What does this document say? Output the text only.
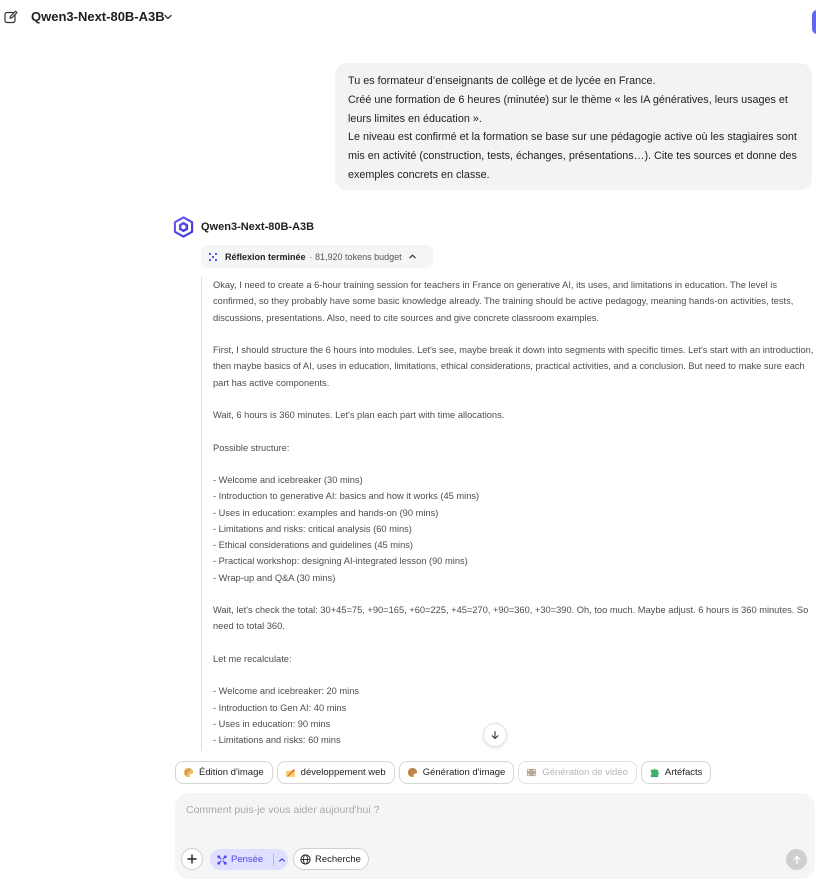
Qwen3-Next-80B-A3B

Tu es formateur d’enseignants de collège et de lycée en France.

Créé une formation de 6 heures (minutée) sur le thème « les IA génératives, leurs usages et leurs limites en éducation ».

Le niveau est confirmé et la formation se base sur une pédagogie active où les stagiaires sont mis en activité (construction, tests, échanges, présentations…). Cite tes sources et donne des exemples concrets en classe.

Qwen3-Next-80B-A3B
Réflexion terminée · 81,920 tokens budget
Okay, I need to create a 6-hour training session for teachers in France on generative AI, its uses, and limitations in education. The level is confirmed, so they probably have some basic knowledge already. The training should be active pedagogy, meaning hands-on activities, tests, discussions, presentations. Also, need to cite sources and give concrete classroom examples.
First, I should structure the 6 hours into modules. Let's see, maybe break it down into segments with specific times. Let's start with an introduction, then maybe basics of AI, uses in education, limitations, ethical considerations, practical activities, and a conclusion. But need to make sure each part has active components.
Wait, 6 hours is 360 minutes. Let's plan each part with time allocations.
Possible structure:
- Welcome and icebreaker (30 mins)
- Introduction to generative AI: basics and how it works (45 mins)
- Uses in education: examples and hands-on (90 mins)
- Limitations and risks: critical analysis (60 mins)
- Ethical considerations and guidelines (45 mins)
- Practical workshop: designing AI-integrated lesson (90 mins)
- Wrap-up and Q&A (30 mins)
Wait, let's check the total: 30+45=75, +90=165, +60=225, +45=270, +90=360, +30=390. Oh, too much. Maybe adjust. 6 hours is 360 minutes. So need to total 360.
Let me recalculate:
- Welcome and icebreaker: 20 mins
- Introduction to Gen AI: 40 mins
- Uses in education: 90 mins
- Limitations and risks: 60 mins
Édition d'image	développement web	Génération d'image	Génération de vidéo	Artéfacts
Comment puis-je vous aider aujourd'hui ?
Pensée	Recherche
